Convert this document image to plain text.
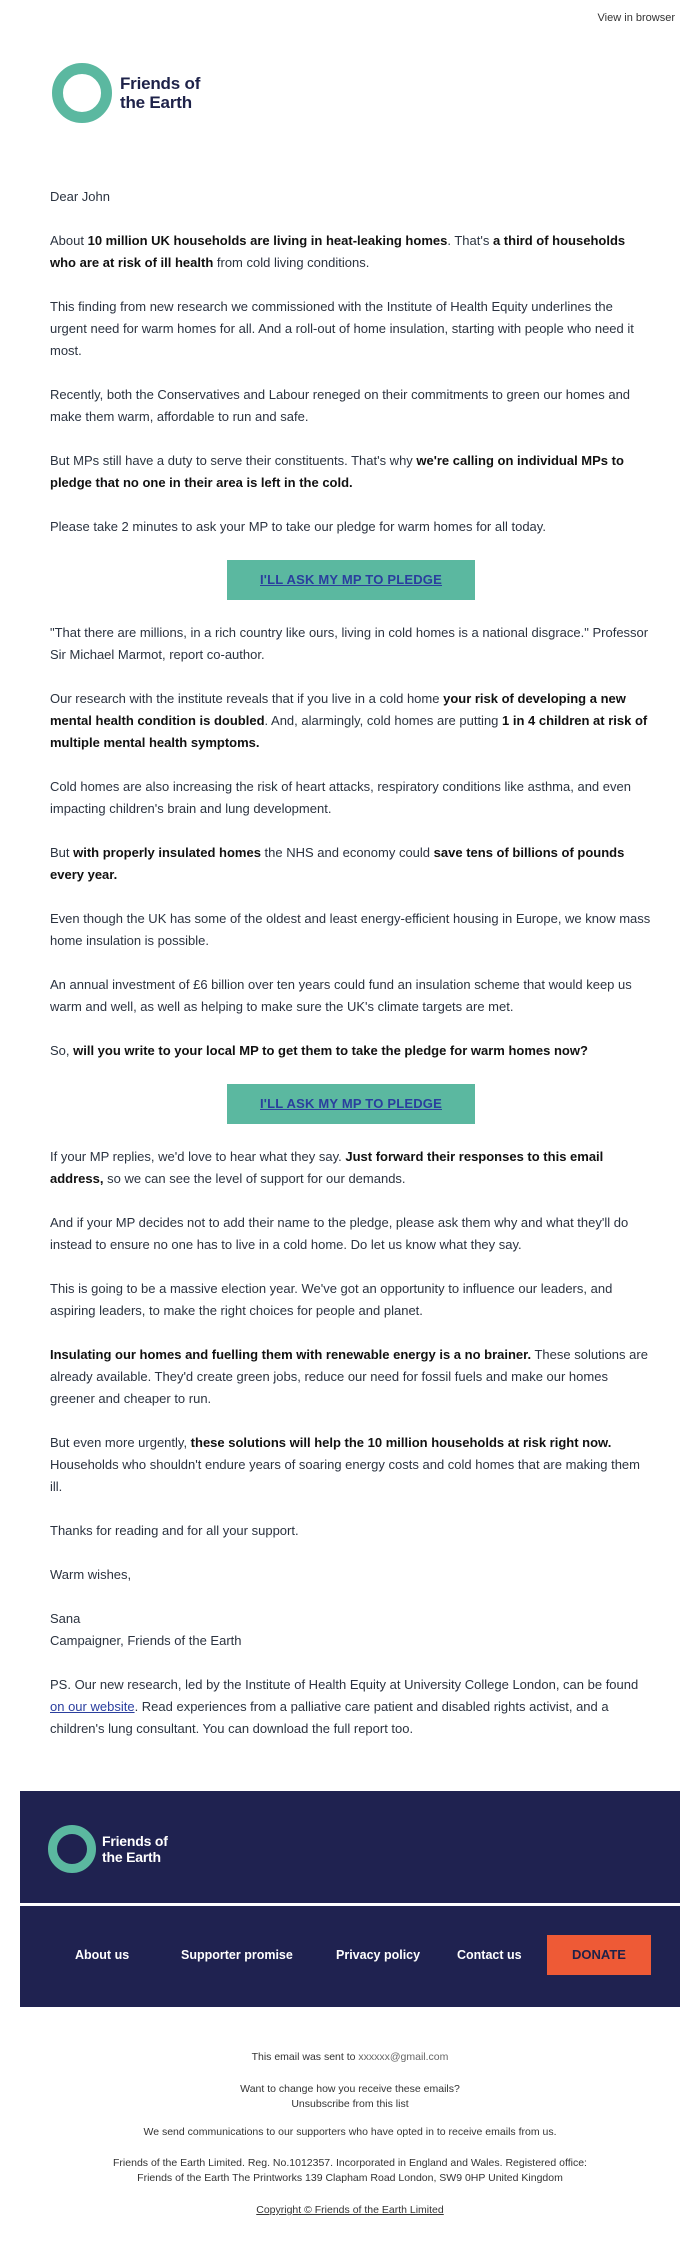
View in browser
Friends of
the Earth

Dear John

About 10 million UK households are living in heat-leaking homes. That's a third of households who are at risk of ill health from cold living conditions.

This finding from new research we commissioned with the Institute of Health Equity underlines the urgent need for warm homes for all. And a roll-out of home insulation, starting with people who need it most.

Recently, both the Conservatives and Labour reneged on their commitments to green our homes and make them warm, affordable to run and safe.

But MPs still have a duty to serve their constituents. That's why we're calling on individual MPs to pledge that no one in their area is left in the cold.

Please take 2 minutes to ask your MP to take our pledge for warm homes for all today.

I'LL ASK MY MP TO PLEDGE

"That there are millions, in a rich country like ours, living in cold homes is a national disgrace." Professor Sir Michael Marmot, report co-author.

Our research with the institute reveals that if you live in a cold home your risk of developing a new mental health condition is doubled. And, alarmingly, cold homes are putting 1 in 4 children at risk of multiple mental health symptoms.

Cold homes are also increasing the risk of heart attacks, respiratory conditions like asthma, and even impacting children's brain and lung development.

But with properly insulated homes the NHS and economy could save tens of billions of pounds every year.

Even though the UK has some of the oldest and least energy-efficient housing in Europe, we know mass home insulation is possible.

An annual investment of £6 billion over ten years could fund an insulation scheme that would keep us warm and well, as well as helping to make sure the UK's climate targets are met.

So, will you write to your local MP to get them to take the pledge for warm homes now?

I'LL ASK MY MP TO PLEDGE

If your MP replies, we'd love to hear what they say. Just forward their responses to this email address, so we can see the level of support for our demands.

And if your MP decides not to add their name to the pledge, please ask them why and what they'll do instead to ensure no one has to live in a cold home. Do let us know what they say.

This is going to be a massive election year. We've got an opportunity to influence our leaders, and aspiring leaders, to make the right choices for people and planet.

Insulating our homes and fuelling them with renewable energy is a no brainer. These solutions are already available. They'd create green jobs, reduce our need for fossil fuels and make our homes greener and cheaper to run.

But even more urgently, these solutions will help the 10 million households at risk right now. Households who shouldn't endure years of soaring energy costs and cold homes that are making them ill.

Thanks for reading and for all your support.

Warm wishes,

Sana
Campaigner, Friends of the Earth

PS. Our new research, led by the Institute of Health Equity at University College London, can be found on our website. Read experiences from a palliative care patient and disabled rights activist, and a children's lung consultant. You can download the full report too.

Friends of
the Earth
About us	Supporter promise	Privacy policy	Contact us	DONATE
This email was sent to xxxxxx@gmail.com
Want to change how you receive these emails?
Unsubscribe from this list
We send communications to our supporters who have opted in to receive emails from us.
Friends of the Earth Limited. Reg. No.1012357. Incorporated in England and Wales. Registered office:
Friends of the Earth The Printworks 139 Clapham Road London, SW9 0HP United Kingdom
Copyright © Friends of the Earth Limited
